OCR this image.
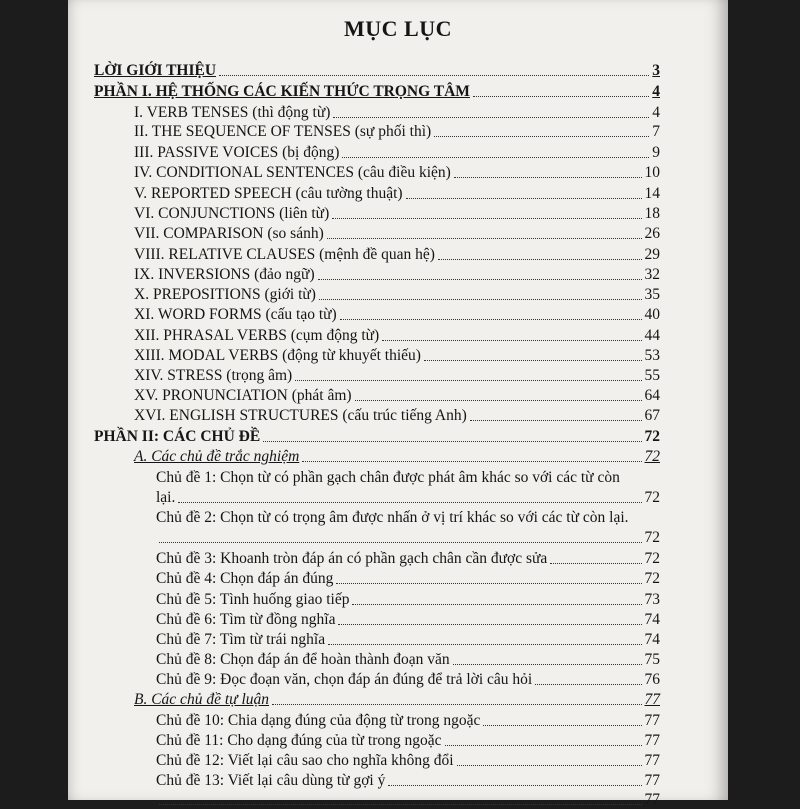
MỤC LỤC
LỜI GIỚI THIỆU	3
PHẦN I. HỆ THỐNG CÁC KIẾN THỨC TRỌNG TÂM	4
I. VERB TENSES (thì động từ)	4
II. THE SEQUENCE OF TENSES (sự phối thì)	7
III. PASSIVE VOICES (bị động)	9
IV. CONDITIONAL SENTENCES (câu điều kiện)	10
V. REPORTED SPEECH (câu tường thuật)	14
VI. CONJUNCTIONS (liên từ)	18
VII. COMPARISON (so sánh)	26
VIII. RELATIVE CLAUSES (mệnh đề quan hệ)	29
IX. INVERSIONS (đảo ngữ)	32
X. PREPOSITIONS (giới từ)	35
XI. WORD FORMS (cấu tạo từ)	40
XII. PHRASAL VERBS (cụm động từ)	44
XIII. MODAL VERBS (động từ khuyết thiếu)	53
XIV. STRESS (trọng âm)	55
XV. PRONUNCIATION (phát âm)	64
XVI. ENGLISH STRUCTURES (cấu trúc tiếng Anh)	67
PHẦN II: CÁC CHỦ ĐỀ	72
A. Các chủ đề trắc nghiệm	72
Chủ đề 1: Chọn từ có phần gạch chân được phát âm khác so với các từ còn
lại.	72
Chủ đề 2: Chọn từ có trọng âm được nhấn ở vị trí khác so với các từ còn lại.
72
Chủ đề 3: Khoanh tròn đáp án có phần gạch chân cần được sửa	72
Chủ đề 4: Chọn đáp án đúng	72
Chủ đề 5: Tình huống giao tiếp	73
Chủ đề 6: Tìm từ đồng nghĩa	74
Chủ đề 7: Tìm từ trái nghĩa	74
Chủ đề 8: Chọn đáp án để hoàn thành đoạn văn	75
Chủ đề 9: Đọc đoạn văn, chọn đáp án đúng để trả lời câu hỏi	76
B. Các chủ đề tự luận	77
Chủ đề 10: Chia dạng đúng của động từ trong ngoặc	77
Chủ đề 11: Cho dạng đúng của từ trong ngoặc	77
Chủ đề 12: Viết lại câu sao cho nghĩa không đổi	77
Chủ đề 13: Viết lại câu dùng từ gợi ý	77
77
